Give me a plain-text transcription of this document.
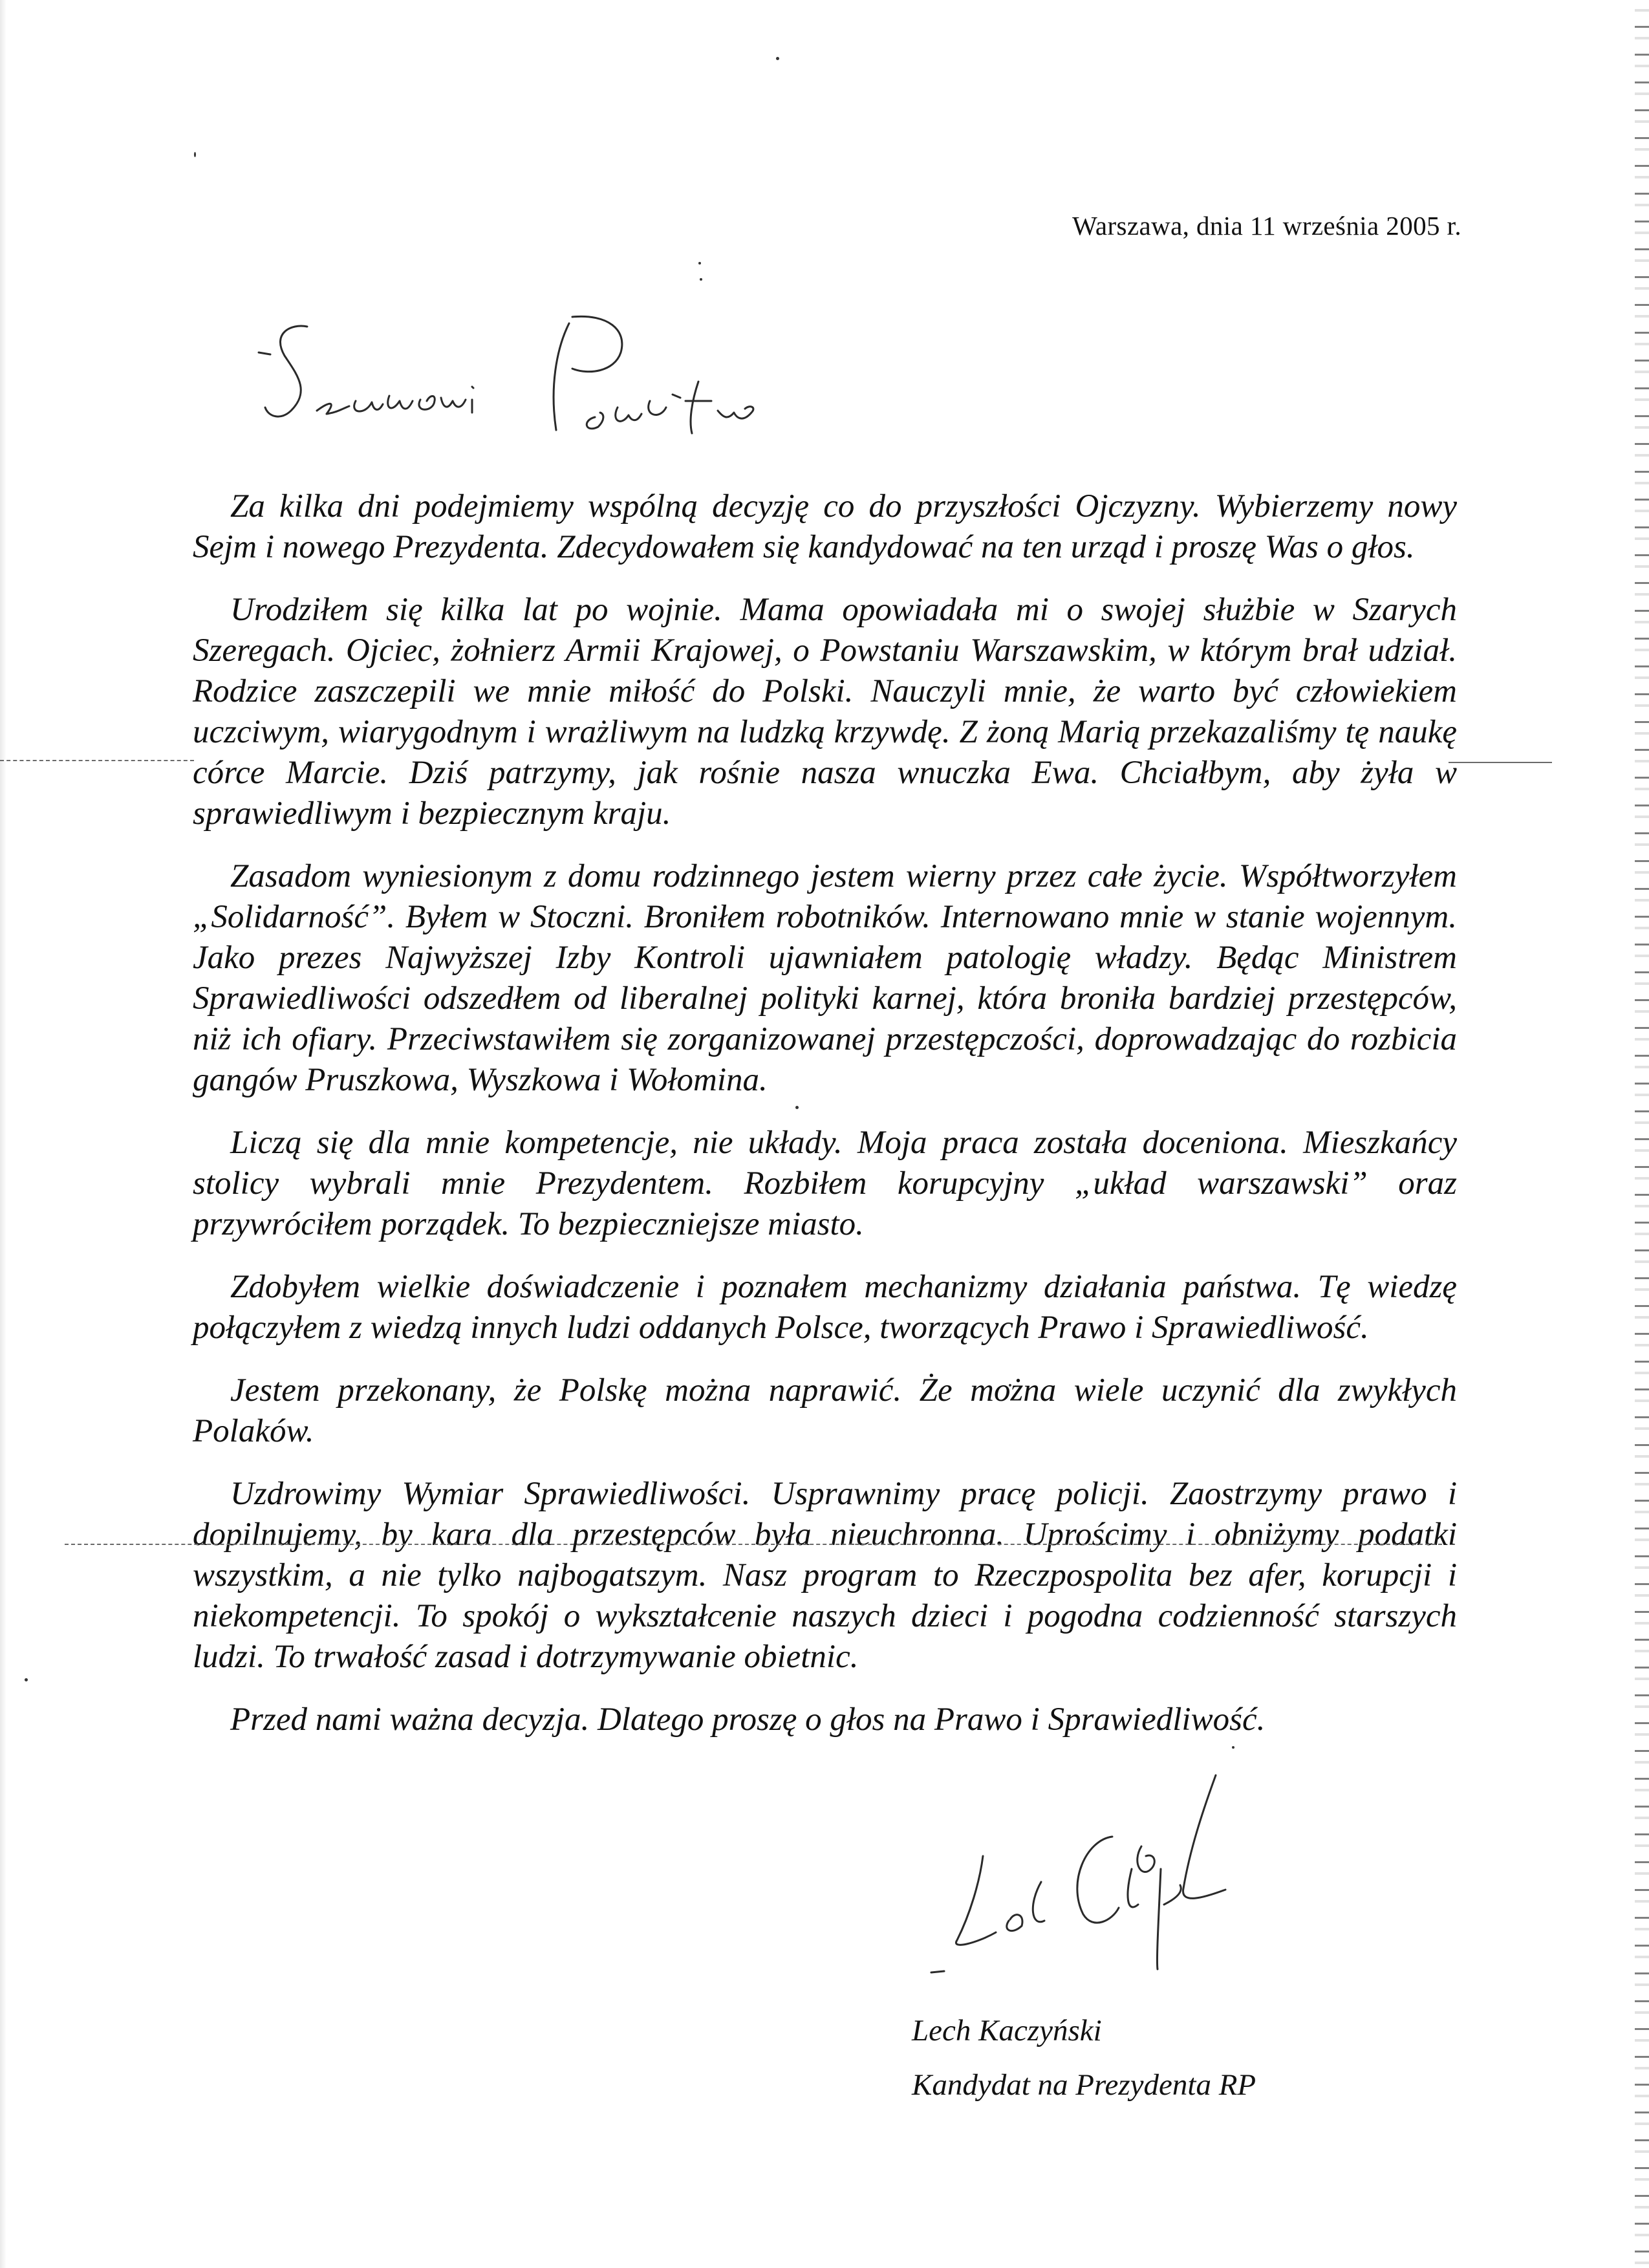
Warszawa, dnia 11 września 2005 r.

Za kilka dni podejmiemy wspólną decyzję co do przyszłości Ojczyzny. Wybierzemy nowy Sejm i nowego Prezydenta. Zdecydowałem się kandydować na ten urząd i proszę Was o głos.

Urodziłem się kilka lat po wojnie. Mama opowiadała mi o swojej służbie w Szarych Szeregach. Ojciec, żołnierz Armii Krajowej, o Powstaniu Warszawskim, w którym brał udział. Rodzice zaszczepili we mnie miłość do Polski. Nauczyli mnie, że warto być człowiekiem uczciwym, wiarygodnym i wrażliwym na ludzką krzywdę. Z żoną Marią przekazaliśmy tę naukę córce Marcie. Dziś patrzymy, jak rośnie nasza wnuczka Ewa. Chciałbym, aby żyła w sprawiedliwym i bezpiecznym kraju.

Zasadom wyniesionym z domu rodzinnego jestem wierny przez całe życie. Współtworzyłem „Solidarność”. Byłem w Stoczni. Broniłem robotników. Internowano mnie w stanie wojennym. Jako prezes Najwyższej Izby Kontroli ujawniałem patologię władzy. Będąc Ministrem Sprawiedliwości odszedłem od liberalnej polityki karnej, która broniła bardziej przestępców, niż ich ofiary. Przeciwstawiłem się zorganizowanej przestępczości, doprowadzając do rozbicia gangów Pruszkowa, Wyszkowa i Wołomina.

Liczą się dla mnie kompetencje, nie układy. Moja praca została doceniona. Mieszkańcy stolicy wybrali mnie Prezydentem. Rozbiłem korupcyjny „układ warszawski” oraz przywróciłem porządek. To bezpieczniejsze miasto.

Zdobyłem wielkie doświadczenie i poznałem mechanizmy działania państwa. Tę wiedzę połączyłem z wiedzą innych ludzi oddanych Polsce, tworzących Prawo i Sprawiedliwość.

Jestem przekonany, że Polskę można naprawić. Że można wiele uczynić dla zwykłych Polaków.

Uzdrowimy Wymiar Sprawiedliwości. Usprawnimy pracę policji. Zaostrzymy prawo i dopilnujemy, by kara dla przestępców była nieuchronna. Uprościmy i obniżymy podatki wszystkim, a nie tylko najbogatszym. Nasz program to Rzeczpospolita bez afer, korupcji i niekompetencji. To spokój o wykształcenie naszych dzieci i pogodna codzienność starszych ludzi. To trwałość zasad i dotrzymywanie obietnic.

Przed nami ważna decyzja. Dlatego proszę o głos na Prawo i Sprawiedliwość.

Lech Kaczyński
Kandydat na Prezydenta RP
